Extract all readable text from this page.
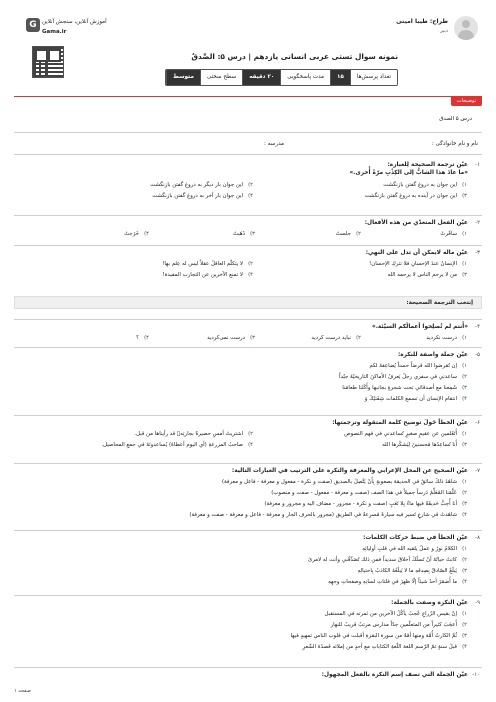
طراح: طیبا امینی
دبیر
G آموزش آنلاین، سنجش آنلاین
Gama.ir
نمونه سوال تستی عربی انسانی یازدهم | درس ۵: الصِّدقُ
تعداد پرسش‌ها
۱۵
مدت پاسخگویی
۲۰ دقیقه
سطح سختی
متوسط
توضیحات
درس ۵ الصدق
نام و نام خانوادگی :
مدرسه :
إنتخب الترجمة الصحيحة:
۱-
عیّن ترجمة الصحیحة لِلعبارة:
«ما عادَ هذا الشابُّ إلى الكِذْبِ مرّةً أُخرى.»
۱)
این جوان به دروغ گفتن بازنگشت
۲)
این جوان بار دیگر به دروغ گفتن بازنگشت
۳)
این جوان در آینده به دروغ گفتن بازنگشت
۴)
این جوان بار آخر به دروغ گفتن بازنگشت
۲-
عیّن الفعل المتعدّي من هذه الأفعال:
۱)
ساقَرتُ
۲)
جلستُ
۳)
ذَهَبتُ
۴)
خَرَجتُ
۳-
عیّن ماله لایمکن أن تدل علی النهي:
۱)
الإنسانُ عندَ الإحسانِ فلا تتركِ الإحسان!
۲)
لا يتكلّم العاقلُ عقلاً ليس له عِلم بها!
۳)
من لا يرحم الناس لا يرحمه الله
۴)
لا تمنع الآخرين عن التجارب المفيدة!
۴-
«أَنتم لم تُصلِحوا أعمالَكم السيّئة.»
۱)
درست نکردید
۲)
نباید درست کردید
۳)
درست نمی‌کردید
۴)
؟
۵-
عیّن جملة واصفة للنكرة:
۱)
إن تُقرضوا الله قرضاً حسناً يُضاعِفهُ لكم
۲)
ساعدني في سفري رجلٌ يَعرفُ الأماكنَ التاريخيّةَ جيّداً
۳)
شَمِعنا مع أصدقائي تحت شجرةٍ بجانبها وأَكَلنا طعامَنا
۴)
انتقام الإنسان أن تسمع الكلمات شِفَتيْكَ وَ
۶-
عیّن الخطأ حَولَ توضيح كلمة المتقولة وترجمتها:
۱)
أَتَعْلمين عن عقيمٍ صغيرٍ تُساعدني في فهم النصوص
۲)
اشتريتُ أمسِ حصيرةً بجارتِهٖ قد رأيناها من قبل.
۳)
أَنا نُساعِدُها مُحسنينَ لِيَشكُرها الله
۴)
صاحبُ المزرعةِ (أي اليوم أعطاهُ) يُساعدونَهُ في جمعِ المحاصيل.
۷-
عیّن الصحيح عن المحل الإعرابي والمعرفة والنكرة على الترتيب في العبارات التالية:
۱)
شاهَدَ ذلكَ سائقٌ في الحديقة بصعوبةٍ بِأَنْ يَتَّصِلَ بالصديق (صفت و نكرة - مفعول و معرفة - فاعل و معرفة)
۲)
عَلَّمَنا المُعَلِّمُ دَرساً جميلاً في هذا الصف (صفت و معرفة - مفعول - صفت و منصوب)
۳)
أنا أُحِبُّ حَديقَةً فيها ماءٌ بِلا تَعَبٍ (صفت و نكرة - مجرور - مضاف اليه و مجرور و معرفة)
۴)
شاهَدتُ في شارعٍ تَسير فيه سيارةٌ مُسرِعةٌ في الطريق (مجرور بالحرف الجار و معرفة - فاعل و معرفة - صفت و معرفة)
۸-
عیّن الخطأ في ضبط حركات الكلمات:
۱)
الكلامُ نورٌ و عملٌ يلقيه الله في قلبِ أوليائِهِ
۲)
كانتْ حياتُهُ أنْ تَسلُكَ أخلاقَ سديداً فمن ذلك تُصَدِّقُني وأنت له لامرئ
۳)
يَبلُغُ الصّادقُ بِصِدقهِ ما لا يَبلُغُهُ الكاذبُ بِاحتيالِهِ
۴)
ما أَضمَرَ أحدٌ شيئاً إلّا ظهرَ في فلتاتِ لسانِهِ وصفحاتِ وجهِهِ
۹-
عیّن النكرة وصفت بالجملة:
۱)
إنّ بقيس الزُراعِ عُجبٌ يأكُلُ الآخرين من ثمرته في المستقبل
۲)
أَعجَبَ كثيراً من المتعلّمين جدّاً مدارس مرتبٌ قريبٌ للنهار
۳)
ثُمَّ الكارثُ أُمَّة ومنها أمّةُ من سورة البقرةِ أقبلت في قلوب الناسِ تمهيدٍ فيها
۴)
قبلَ سنةٍ تمّ الرّسم اللغة اللّغةِ الكتاباتِ مع أحدٍ من إملائه قصدُهُ الشّعرِ
۱۰-
عیّن الجملة التي تصف إسم النكرة بالفعل المجهول:
صفحه ۱
